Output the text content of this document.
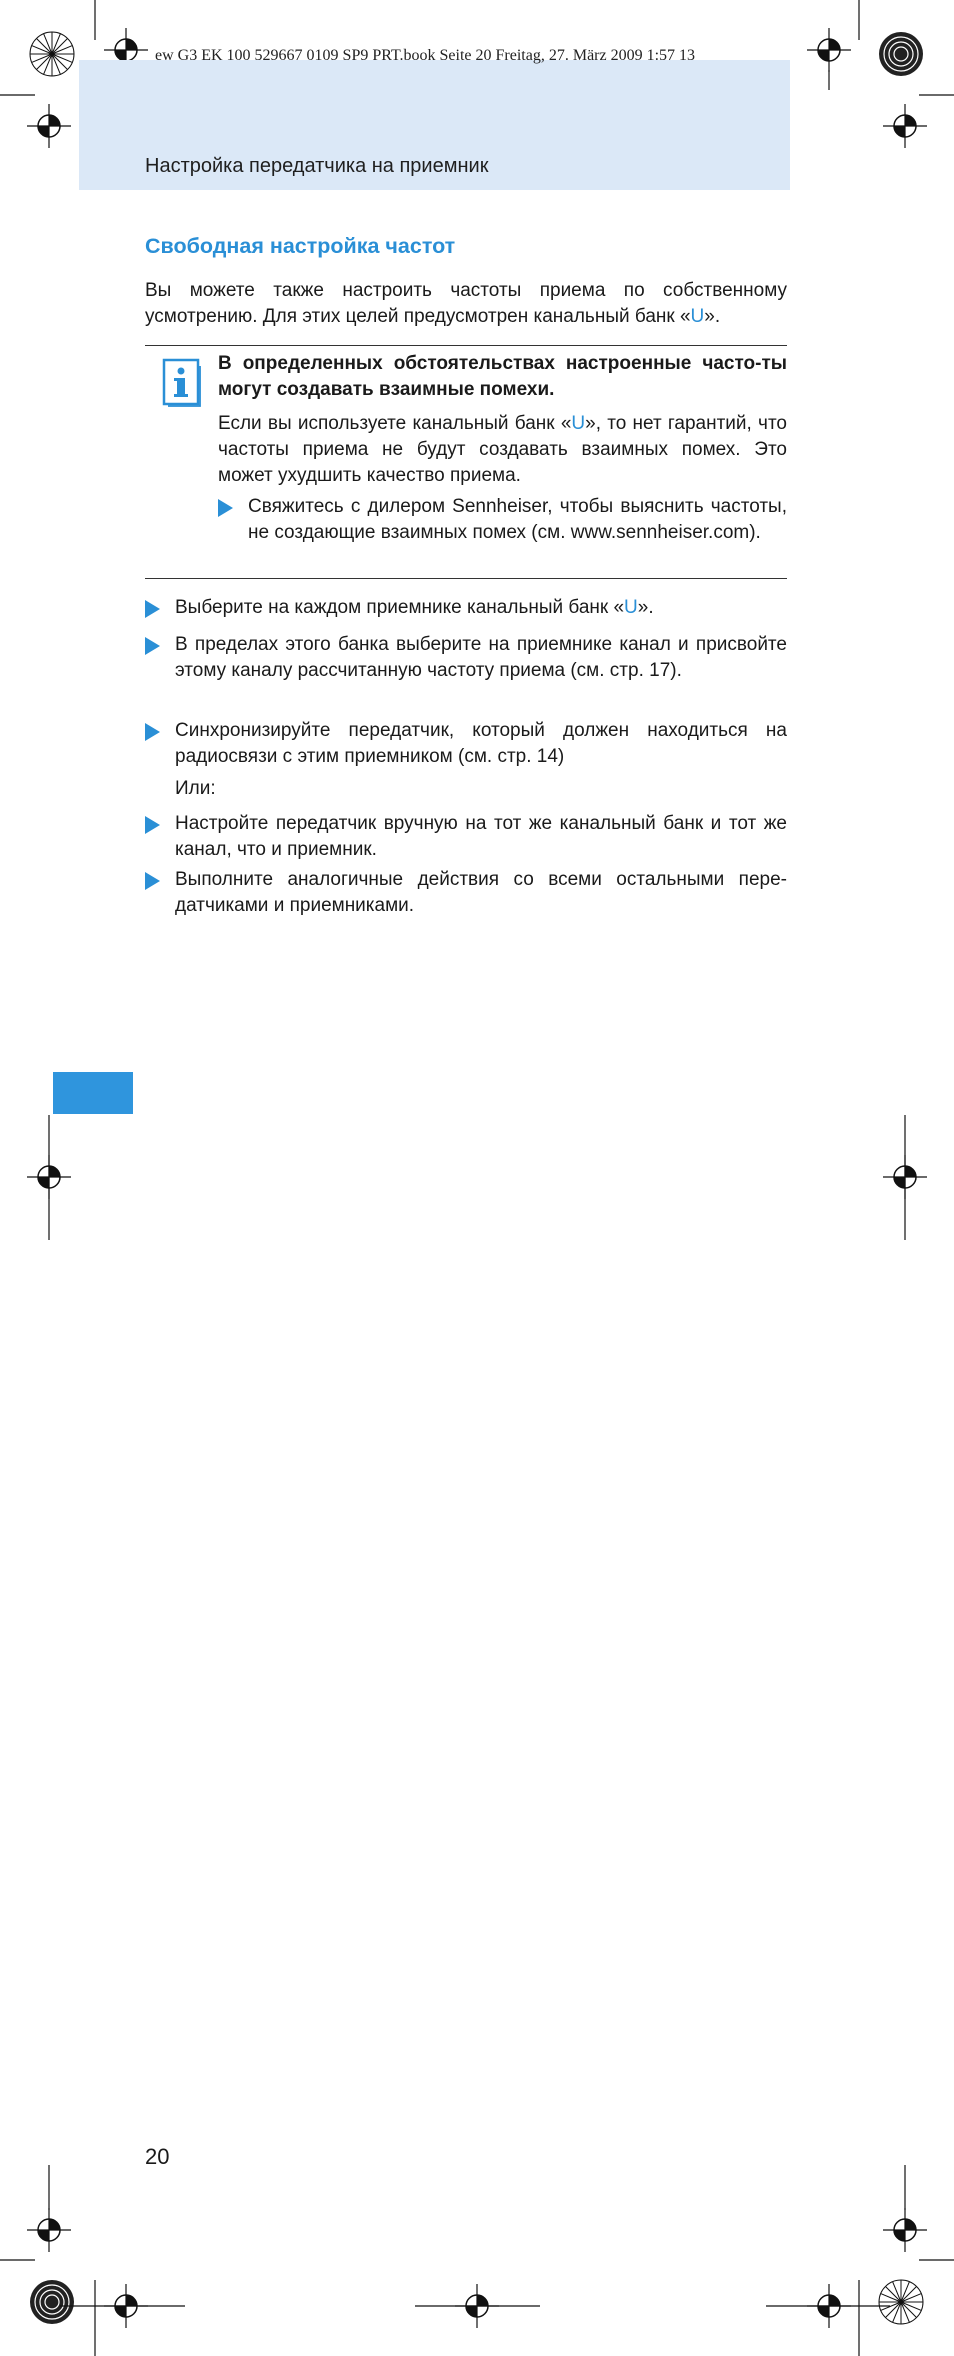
ew G3 EK 100 529667 0109 SP9 PRT.book Seite 20 Freitag, 27. März 2009 1:57 13
Настройка передатчика на приемник
Свободная настройка частот
Вы можете также настроить частоты приема по собственному усмотрению. Для этих целей предусмотрен канальный банк «U».
В определенных обстоятельствах настроенные часто-ты могут создавать взаимные помехи.
Если вы используете канальный банк «U», то нет гарантий, что частоты приема не будут создавать взаимных помех. Это может ухудшить качество приема.
Свяжитесь с дилером Sennheiser, чтобы выяснить частоты, не создающие взаимных помех (см. www.sennheiser.com).
Выберите на каждом приемнике канальный банк «U».
В пределах этого банка выберите на приемнике канал и присвойте этому каналу рассчитанную частоту приема (см. стр. 17).
Синхронизируйте передатчик, который должен находиться на радиосвязи с этим приемником (см. стр. 14)
Или:
Настройте передатчик вручную на тот же канальный банк и тот же канал, что и приемник.
Выполните аналогичные действия со всеми остальными пере-датчиками и приемниками.
20
